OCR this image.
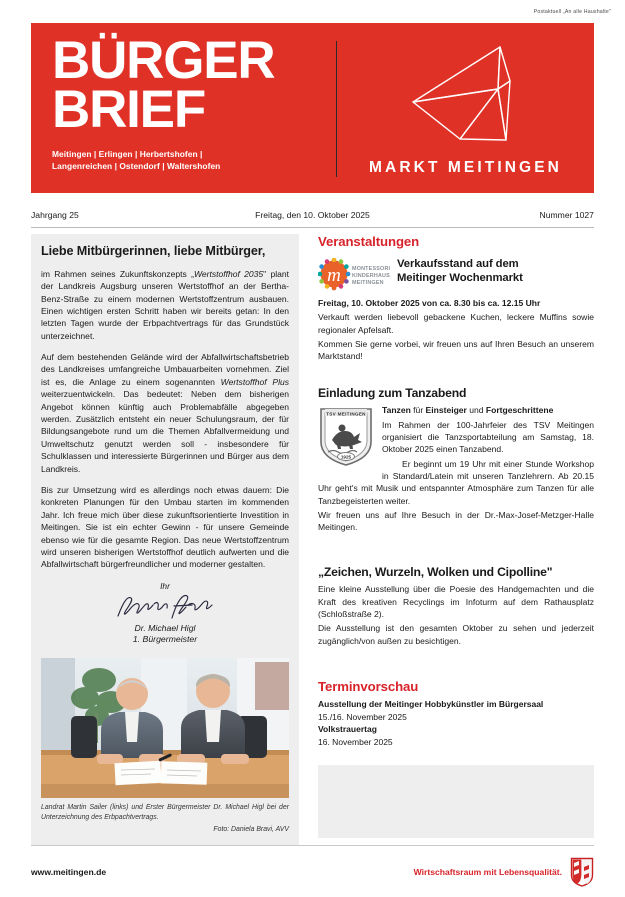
Postaktuell „An alle Haushalte"
BÜRGER
BRIEF
Meitingen | Erlingen | Herbertshofen |
Langenreichen | Ostendorf | Waltershofen	MARKT MEITINGEN
Jahrgang 25	Freitag, den 10. Oktober 2025	Nummer 1027
Liebe Mitbürgerinnen, liebe Mitbürger,

im Rahmen seines Zukunftskonzepts „Wertstoffhof 2035" plant der Landkreis Augsburg unseren Wertstoffhof an der Bertha-Benz-Straße zu einem modernen Wertstoffzentrum ausbauen. Einen wichtigen ersten Schritt haben wir bereits getan: In den letzten Tagen wurde der Erbpachtvertrags für das Grundstück unterzeichnet.

Auf dem bestehenden Gelände wird der Abfallwirtschaftsbetrieb des Landkreises umfangreiche Umbauarbeiten vornehmen. Ziel ist es, die Anlage zu einem sogenannten Wertstoffhof Plus weiterzuentwickeln. Das bedeutet: Neben dem bisherigen Angebot können künftig auch Problemabfälle abgegeben werden. Zusätzlich entsteht ein neuer Schulungsraum, der für Bildungsangebote rund um die Themen Abfallvermeidung und Umweltschutz genutzt werden soll - insbesondere für Schulklassen und interessierte Bürgerinnen und Bürger aus dem Landkreis.

Bis zur Umsetzung wird es allerdings noch etwas dauern: Die konkreten Planungen für den Umbau starten im kommenden Jahr. Ich freue mich über diese zukunftsorientierte Investition in Meitingen. Sie ist ein echter Gewinn - für unsere Gemeinde ebenso wie für die gesamte Region. Das neue Wertstoffzentrum wird unseren bisherigen Wertstoffhof deutlich aufwerten und die Abfallwirtschaft bürgerfreundlicher und moderner gestalten.

Ihr

Dr. Michael Higl
1. Bürgermeister

Landrat Martin Sailer (links) und Erster Bürgermeister Dr. Michael Higl bei der Unterzeichnung des Erbpachtvertrags.
Foto: Daniela Bravi, AVV

Veranstaltungen
m MONTESSORI
KINDERHAUS
MEITINGEN
Verkaufsstand auf dem
Meitinger Wochenmarkt

Freitag, 10. Oktober 2025 von ca. 8.30 bis ca. 12.15 Uhr

Verkauft werden liebevoll gebackene Kuchen, leckere Muffins sowie regionaler Apfelsaft.

Kommen Sie gerne vorbei, wir freuen uns auf Ihren Besuch an unserem Marktstand!

Einladung zum Tanzabend
TSV MEITINGEN
1925

Tanzen für Einsteiger und Fortgeschrittene

Im Rahmen der 100-Jahrfeier des TSV Meitingen organisiert die Tanzsportabteilung am Samstag, 18. Oktober 2025 einen Tanzabend.

Er beginnt um 19 Uhr mit einer Stunde Workshop in Standard/Latein mit unseren Tanzlehrern. Ab 20.15 Uhr geht's mit Musik und entspannter Atmosphäre zum Tanzen für alle Tanzbegeisterten weiter.

Wir freuen uns auf Ihre Besuch in der Dr.-Max-Josef-Metzger-Halle Meitingen.

„Zeichen, Wurzeln, Wolken und Cipolline"

Eine kleine Ausstellung über die Poesie des Handgemachten und die Kraft des kreativen Recyclings im Infoturm auf dem Rathausplatz (Schloßstraße 2).

Die Ausstellung ist den gesamten Oktober zu sehen und jederzeit zugänglich/von außen zu besichtigen.

Terminvorschau
Ausstellung der Meitinger Hobbykünstler im Bürgersaal
15./16. November 2025
Volkstrauertag
16. November 2025
www.meitingen.de	Wirtschaftsraum mit Lebensqualität.
